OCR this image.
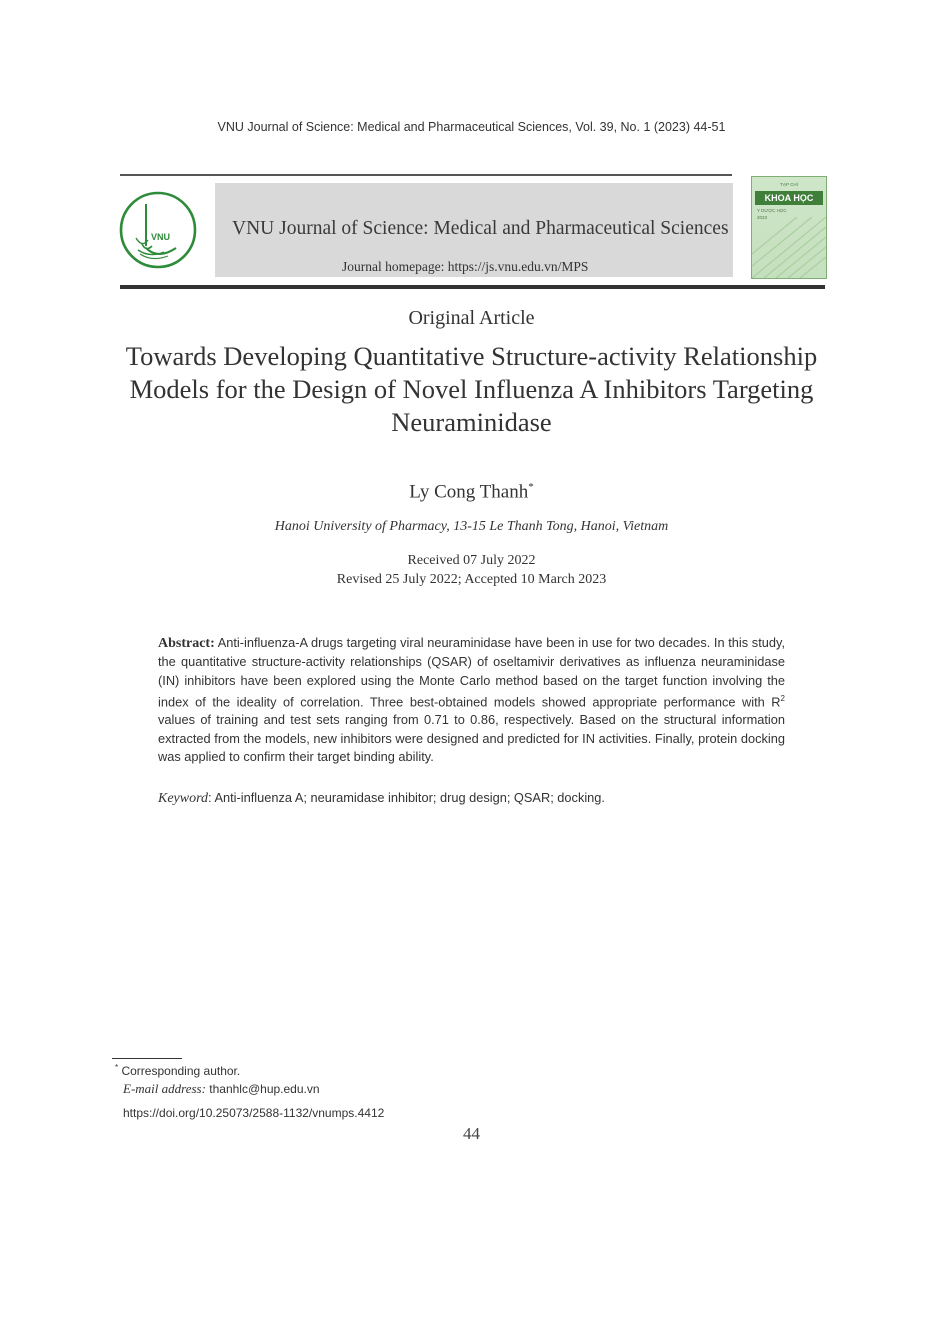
VNU Journal of Science: Medical and Pharmaceutical Sciences, Vol. 39, No. 1 (2023) 44-51
VNU	VNU Journal of Science: Medical and Pharmaceutical Sciences
Journal homepage: https://js.vnu.edu.vn/MPS
TẠP CHÍ
KHOA HỌC
Y DƯỢC HỌC
2023
Original Article
Towards Developing Quantitative Structure-activity Relationship Models for the Design of Novel Influenza A Inhibitors Targeting Neuraminidase
Ly Cong Thanh*
Hanoi University of Pharmacy, 13-15 Le Thanh Tong, Hanoi, Vietnam
Received 07 July 2022
Revised 25 July 2022; Accepted 10 March 2023
Abstract: Anti-influenza-A drugs targeting viral neuraminidase have been in use for two decades. In this study, the quantitative structure-activity relationships (QSAR) of oseltamivir derivatives as influenza neuraminidase (IN) inhibitors have been explored using the Monte Carlo method based on the target function involving the index of the ideality of correlation. Three best-obtained models showed appropriate performance with $R^2$ values of training and test sets ranging from 0.71 to 0.86, respectively. Based on the structural information extracted from the models, new inhibitors were designed and predicted for IN activities. Finally, protein docking was applied to confirm their target binding ability.
Keyword: Anti-influenza A; neuramidase inhibitor; drug design; QSAR; docking.
* Corresponding author.
E-mail address: thanhlc@hup.edu.vn
https://doi.org/10.25073/2588-1132/vnumps.4412
44
